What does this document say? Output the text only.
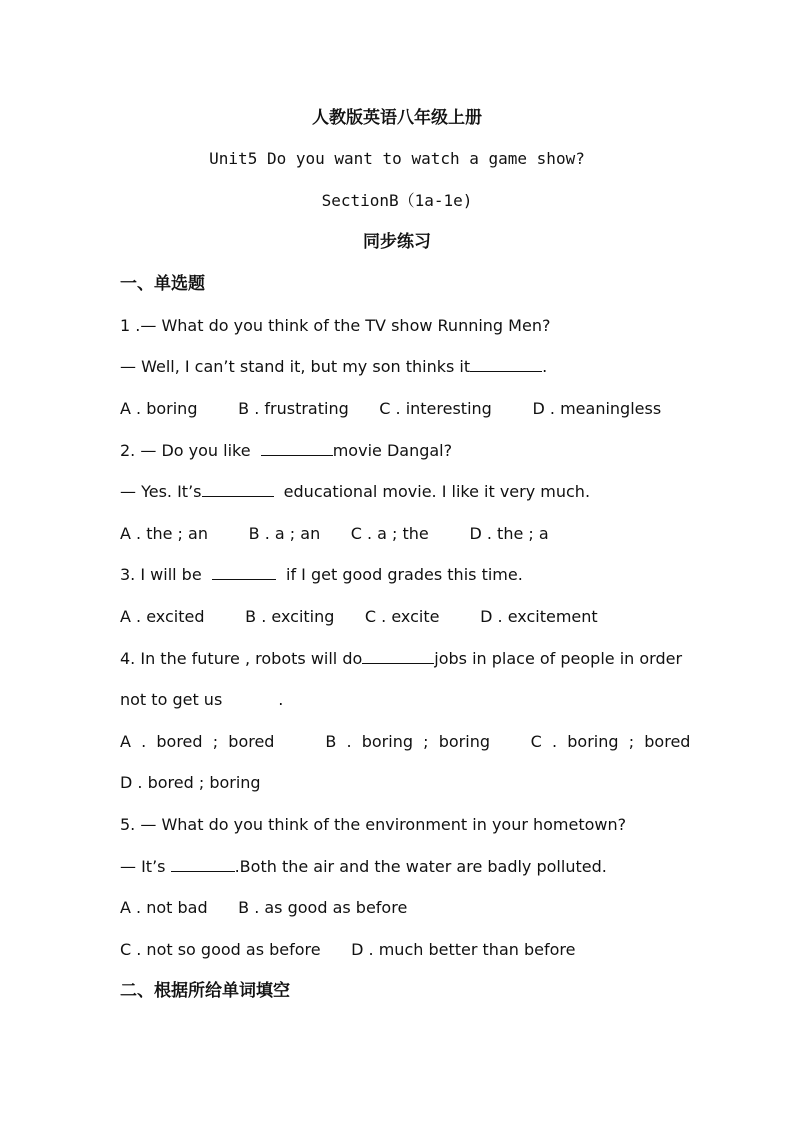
人教版英语八年级上册
Unit5 Do you want to watch a game show?
SectionB（1a-1e)
同步练习
一、单选题
1 .— What do you think of the TV show Running Men?
— Well, I can’t stand it, but my son thinks it	.
A . boring        B . frustrating      C . interesting        D . meaningless
2. — Do you like	movie Dangal?
— Yes. It’s	educational movie. I like it very much.
A . the ; an        B . a ; an      C . a ; the        D . the ; a
3. I will be	if I get good grades this time.
A . excited        B . exciting      C . excite        D . excitement
4. In the future , robots will do	jobs in place of people in order
not to get us	.
A  .  bored  ;  bored          B  .  boring  ;  boring        C  .  boring  ;  bored
D . bored ; boring
5. — What do you think of the environment in your hometown?
— It’s	.Both the air and the water are badly polluted.
A . not bad      B . as good as before
C . not so good as before      D . much better than before
二、根据所给单词填空
